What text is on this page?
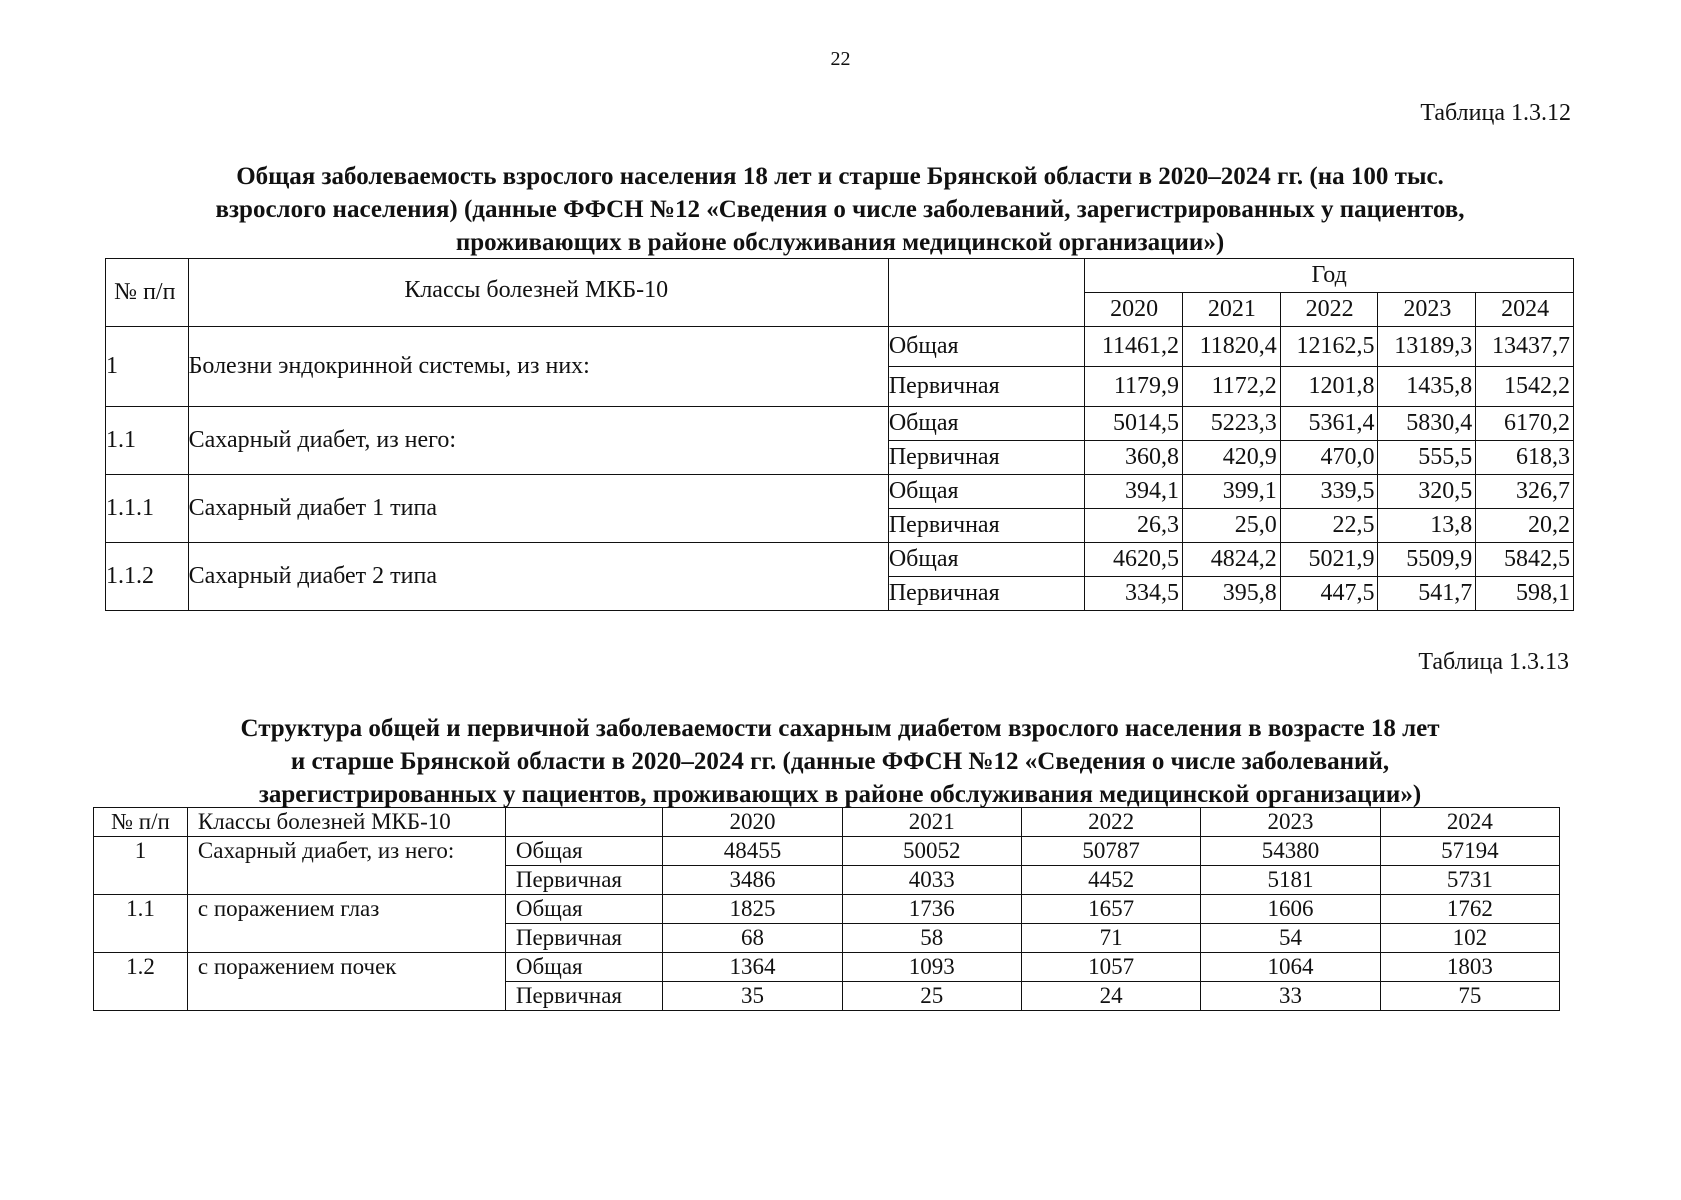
22
Таблица 1.3.12
Общая заболеваемость взрослого населения 18 лет и старше Брянской области в 2020–2024 гг. (на 100 тыс.
взрослого населения) (данные ФФСН №12 «Сведения о числе заболеваний, зарегистрированных у пациентов,
проживающих в районе обслуживания медицинской организации»)
№ п/п	Классы болезней МКБ-10		Год				
			2020	2021	2022	2023	2024
1	Болезни эндокринной системы, из них:	Общая	11461,2	11820,4	12162,5	13189,3	13437,7
		Первичная	1179,9	1172,2	1201,8	1435,8	1542,2
1.1	Сахарный диабет, из него:	Общая	5014,5	5223,3	5361,4	5830,4	6170,2
		Первичная	360,8	420,9	470,0	555,5	618,3
1.1.1	Сахарный диабет 1 типа	Общая	394,1	399,1	339,5	320,5	326,7
		Первичная	26,3	25,0	22,5	13,8	20,2
1.1.2	Сахарный диабет 2 типа	Общая	4620,5	4824,2	5021,9	5509,9	5842,5
		Первичная	334,5	395,8	447,5	541,7	598,1
Таблица 1.3.13
Структура общей и первичной заболеваемости сахарным диабетом взрослого населения в возрасте 18 лет
и старше Брянской области в 2020–2024 гг. (данные ФФСН №12 «Сведения о числе заболеваний,
зарегистрированных у пациентов, проживающих в районе обслуживания медицинской организации»)
№ п/п	Классы болезней МКБ-10		2020	2021	2022	2023	2024
1	Сахарный диабет, из него:	Общая	48455	50052	50787	54380	57194
		Первичная	3486	4033	4452	5181	5731
1.1	с поражением глаз	Общая	1825	1736	1657	1606	1762
		Первичная	68	58	71	54	102
1.2	с поражением почек	Общая	1364	1093	1057	1064	1803
		Первичная	35	25	24	33	75
